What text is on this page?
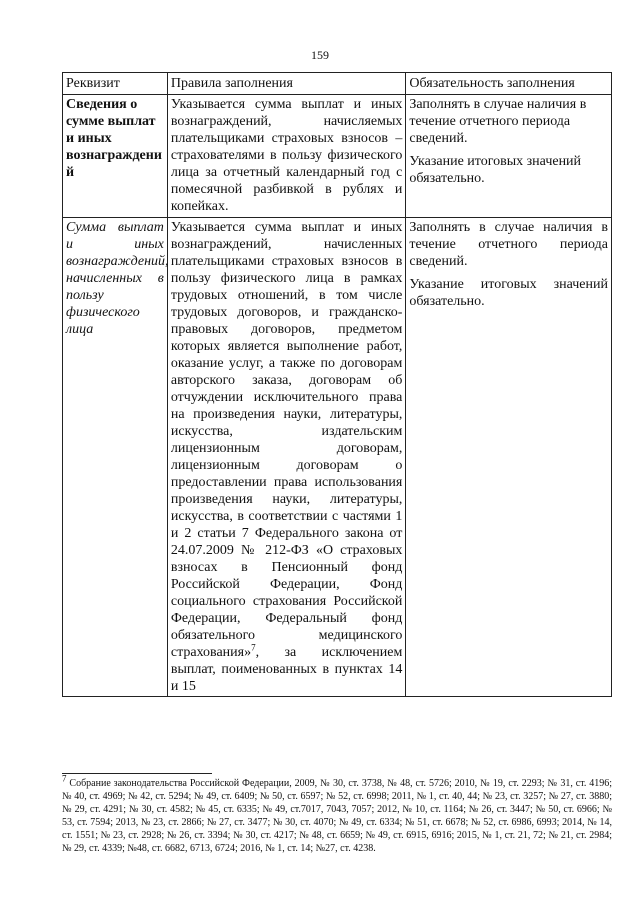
159
Реквизит	Правила заполнения	Обязательность заполнения
Сведения о сумме выплат и иных вознаграждени й	Указывается сумма выплат и иных вознаграждений, начисляемых плательщиками страховых взносов – страхователями в пользу физического лица за отчетный календарный год с помесячной разбивкой в рублях и копейках.	Заполнять в случае наличия в течение отчетного периода сведений.
Указание итоговых значений обязательно.

Сумма выплат и иных вознаграждений, начисленных в пользу физического лица	Указывается сумма выплат и иных вознаграждений, начисленных плательщиками страховых взносов в пользу физического лица в рамках трудовых отношений, в том числе трудовых договоров, и гражданско-правовых договоров, предметом которых является выполнение работ, оказание услуг, а также по договорам авторского заказа, договорам об отчуждении исключительного права на произведения науки, литературы, искусства, издательским лицензионным договорам, лицензионным договорам о предоставлении права использования произведения науки, литературы, искусства, в соответствии с частями 1 и 2 статьи 7 Федерального закона от 24.07.2009 № 212-ФЗ «О страховых взносах в Пенсионный фонд Российской Федерации, Фонд социального страхования Российской Федерации, Федеральный фонд обязательного медицинского страхования»$^7$, за исключением выплат, поименованных в пунктах 14 и 15	Заполнять в случае наличия в течение отчетного периода сведений.
Указание итоговых значений обязательно.
$^7$ Собрание законодательства Российской Федерации, 2009, № 30, ст. 3738, № 48, ст. 5726; 2010, № 19, ст. 2293; № 31, ст. 4196; № 40, ст. 4969; № 42, ст. 5294; № 49, ст. 6409; № 50, ст. 6597; № 52, ст. 6998; 2011, № 1, ст. 40, 44; № 23, ст. 3257; № 27, ст. 3880; № 29, ст. 4291; № 30, ст. 4582; № 45, ст. 6335; № 49, ст.7017, 7043, 7057; 2012, № 10, ст. 1164; № 26, ст. 3447; № 50, ст. 6966; № 53, ст. 7594; 2013, № 23, ст. 2866; № 27, ст. 3477; № 30, ст. 4070; № 49, ст. 6334; № 51, ст. 6678; № 52, ст. 6986, 6993; 2014, № 14, ст. 1551; № 23, ст. 2928; № 26, ст. 3394; № 30, ст. 4217; № 48, ст. 6659; № 49, ст. 6915, 6916; 2015, № 1, ст. 21, 72; № 21, ст. 2984; № 29, ст. 4339; №48, ст. 6682, 6713, 6724; 2016, № 1, ст. 14; №27, ст. 4238.
